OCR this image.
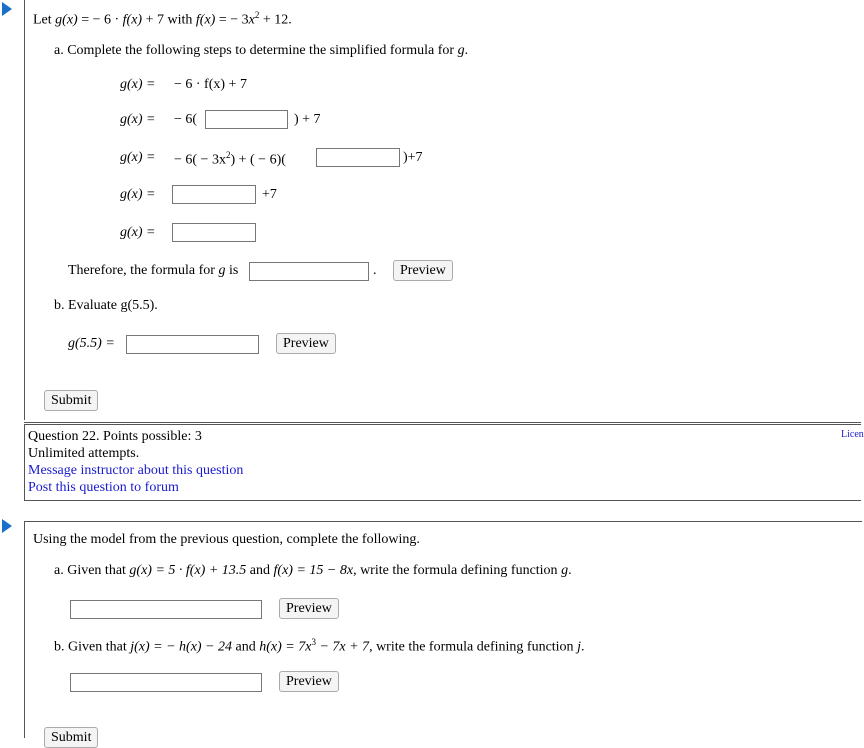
Let g(x) = − 6 · f(x) + 7 with f(x) = − $3x^2 + 12$.
a. Complete the following steps to determine the simplified formula for g.
g(x) = − 6 · f(x) + 7
g(x) = − 6(	) + 7
g(x) = − $6( - 3x^2)$ + ( − 6)(	)+7
g(x) =	+7
g(x) =
Therefore, the formula for g is	.	Preview
b. Evaluate g(5.5).
g(5.5) =	Preview
Submit
Question 22. Points possible: 3
Unlimited attempts.
Message instructor about this question
Post this question to forum
Licen
Using the model from the previous question, complete the following.
a. Given that g(x) = 5 · f(x) + 13.5 and f(x) = 15 − 8x, write the formula defining function g.
Preview
b. Given that j(x) = − h(x) − 24 and $h(x) = 7x^3 - 7x + 7$, write the formula defining function j.
Preview
Submit
